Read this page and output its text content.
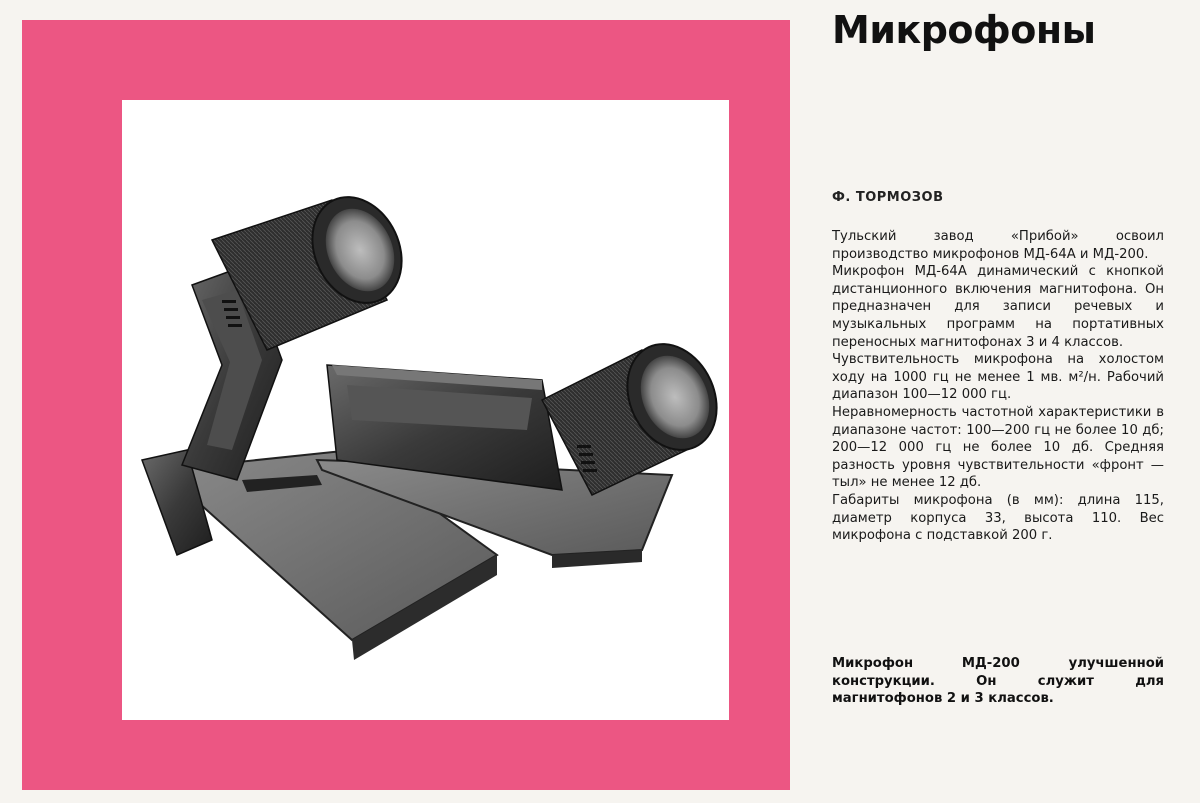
Микрофоны
Ф. ТОРМОЗОВ

Тульский завод «Прибой» освоил производство микрофонов МД-64А и МД-200.

Микрофон МД-64А динамический с кнопкой дистанционного включения магнитофона. Он предназначен для записи речевых и музыкальных программ на портативных переносных магнитофонах 3 и 4 классов.

Чувствительность микрофона на холостом ходу на 1000 гц не менее 1 мв. м²/н. Рабочий диапазон 100—12 000 гц.

Неравномерность частотной характеристики в диапазоне частот: 100—200 гц не более 10 дб; 200—12 000 гц не более 10 дб. Средняя разность уровня чувствительности «фронт — тыл» не менее 12 дб.

Габариты микрофона (в мм): длина 115, диаметр корпуса 33, высота 110. Вес микрофона с подставкой 200 г.

Микрофон МД-200 улучшенной конструкции. Он служит для магнитофонов 2 и 3 классов.
